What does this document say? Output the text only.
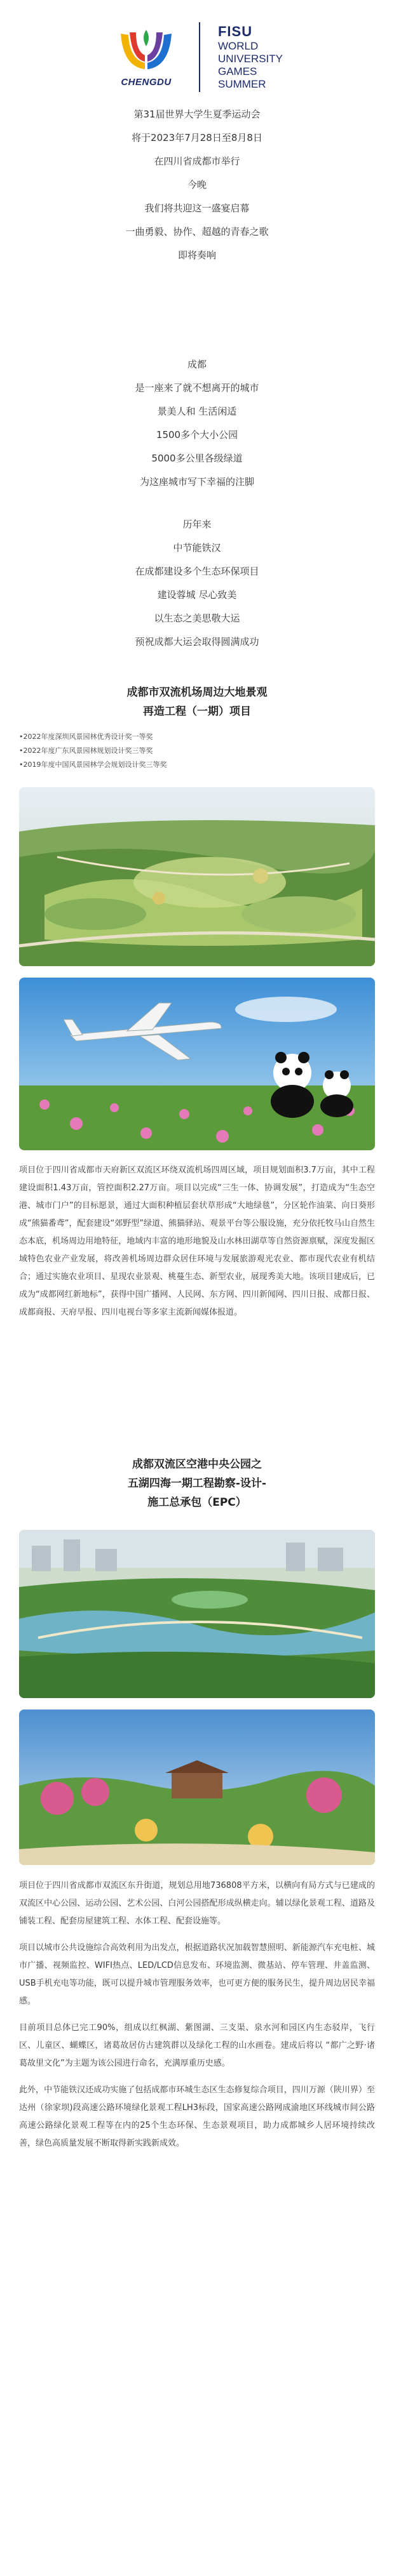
CHENGDU
FISU
WORLD
UNIVERSITY
GAMES
SUMMER
第31届世界大学生夏季运动会
将于2023年7月28日至8月8日
在四川省成都市举行
今晚
我们将共迎这一盛宴启幕
一曲勇毅、协作、超越的青春之歌
即将奏响
成都
是一座来了就不想离开的城市
景美人和 生活闲适
1500多个大小公园
5000多公里各级绿道
为这座城市写下幸福的注脚
历年来
中节能铁汉
在成都建设多个生态环保项目
建设蓉城 尽心致美
以生态之美思敬大运
预祝成都大运会取得圆满成功
成都市双流机场周边大地景观
再造工程（一期）项目
•2022年度深圳风景园林优秀设计奖一等奖
•2022年度广东风景园林规划设计奖三等奖
•2019年度中国风景园林学会规划设计奖三等奖

项目位于四川省成都市天府新区双流区环绕双流机场四周区域，项目规划面积3.7万亩，其中工程建设面积1.43万亩，管控面积2.27万亩。项目以完成“三生一体、协调发展”，打造成为“生态空港、城市门户”的目标愿景，通过大面积种植层套状草形成“大地绿毯”，分区轮作油菜、向日葵形成“熊猫番鸢”，配套建设“郊野型”绿道、熊猫驿站、观景平台等公服设施，充分依托牧马山自然生态本底，机场周边用地特征，地域内丰富的地形地貌及山水林田湖草等自然资源禀赋，深度发掘区域特色农业产业发展，将改善机场周边群众居住环境与发展旅游观光农业、都市现代农业有机结合；通过实施农业项目、星现农业景观、桃蔓生态、新型农业，展现秀美大地。该项目建成后，已成为“成都网红新地标”，获得中国广播网、人民网、东方网、四川新闻网、四川日报、成都日报、成都商报、天府早报、四川电视台等多家主流新闻媒体报道。

成都双流区空港中央公园之
五湖四海一期工程勘察-设计-
施工总承包（EPC）

项目位于四川省成都市双流区东升街道，规划总用地736808平方米，以横向有局方式与已建成的双流区中心公园、运动公园、艺术公园、白河公园搭配形成纵横走向。辅以绿化景观工程、道路及铺装工程、配套房屋建筑工程、水体工程、配套设施等。

项目以城市公共设施综合高效利用为出发点，根据道路状况加载智慧照明、新能源汽车充电桩、城市广播、视频监控、WIFI热点、LED/LCD信息发布、环境监测、微基站、停车管理、井盖监测、USB手机充电等功能，既可以提升城市管理服务效率，也可更方便的服务民生，提升周边居民幸福感。

目前项目总体已完工90%，组成以红枫湖、紫图湖、三支渠、泉水河和园区内生态驳岸，飞行区、儿童区、蝴蝶区，诸葛故居仿古建筑群以及绿化工程的山水画卷。建成后将以 “都广之野·诸葛故里文化”为主题为该公园进行命名，充满厚重历史感。

此外，中节能铁汉还成功实施了包括成都市环城生态区生态修复综合项目，四川万源（陕川界）至达州（徐家坝)段高速公路环境绿化景观工程LH3标段，国家高速公路网成渝地区环线城市间公路高速公路绿化景观工程等在内的25个生态环保、生态景观项目，助力成都城乡人居环境持续改善，绿色高质量发展不断取得新实践新成效。
